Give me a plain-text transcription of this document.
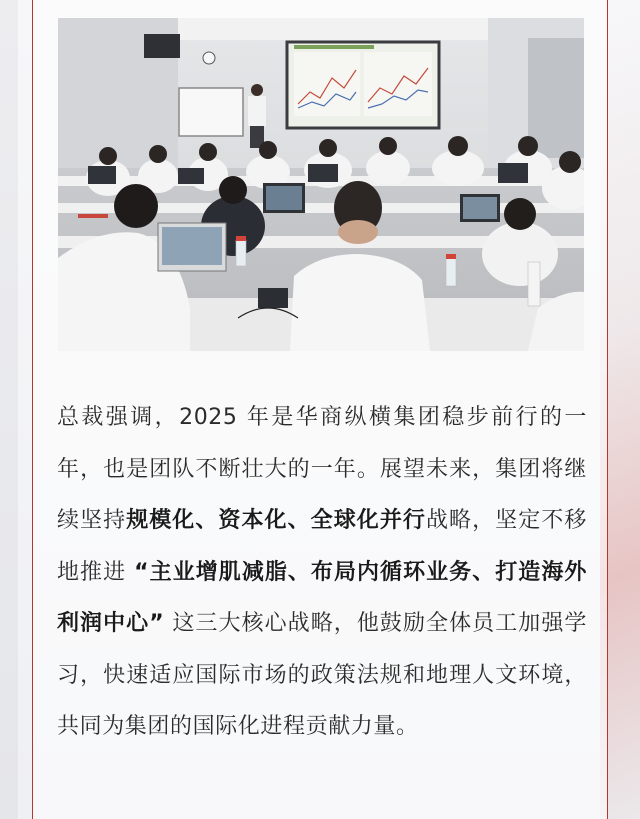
总裁强调，2025 年是华商纵横集团稳步前行的一年，也是团队不断壮大的一年。展望未来，集团将继续坚持规模化、资本化、全球化并行战略，坚定不移地推进 “主业增肌减脂、布局内循环业务、打造海外利润中心” 这三大核心战略，他鼓励全体员工加强学习，快速适应国际市场的政策法规和地理人文环境，共同为集团的国际化进程贡献力量。
